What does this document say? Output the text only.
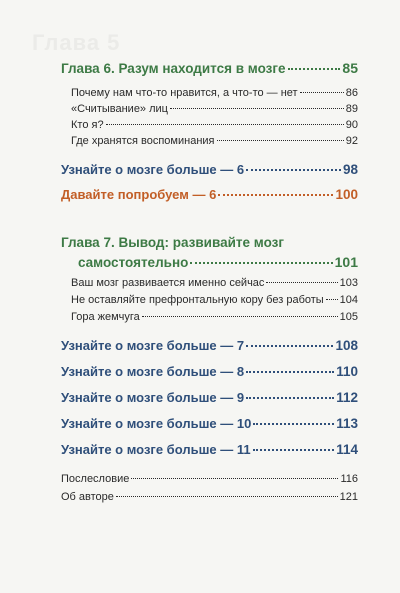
Глава 5
Глава 6. Разум находится в мозге	85
Почему нам что-то нравится, а что-то — нет	86
«Считывание» лиц	89
Кто я?	90
Где хранятся воспоминания	92
Узнайте о мозге больше — 6	98
Давайте попробуем — 6	100
Глава 7. Вывод: развивайте мозг
самостоятельно	101
Ваш мозг развивается именно сейчас	103
Не оставляйте префронтальную кору без работы 104
Гора жемчуга	105
Узнайте о мозге больше — 7	108
Узнайте о мозге больше — 8	110
Узнайте о мозге больше — 9	112
Узнайте о мозге больше — 10	113
Узнайте о мозге больше — 11	114
Послесловие	116
Об авторе	121
